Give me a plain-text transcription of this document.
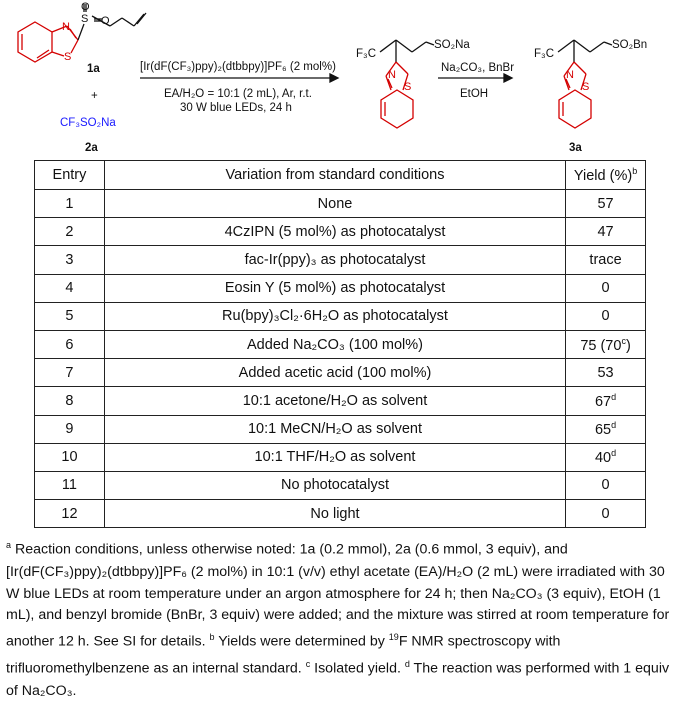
N
S
S
O
O
N
S
N
S
1a
+
CF₃SO₂Na
2a
[Ir(dF(CF₃)ppy)₂(dtbbpy)]PF₆ (2 mol%)
EA/H₂O = 10:1 (2 mL), Ar, r.t.
30 W blue LEDs, 24 h
Na₂CO₃, BnBr
EtOH
F₃C
SO₂Na
F₃C
SO₂Bn
3a
Entry	Variation from standard conditions	Yield (%)$^b$
1	None	57
2	4CzIPN (5 mol%) as photocatalyst	47
3	fac-Ir(ppy)₃ as photocatalyst	trace
4	Eosin Y (5 mol%) as photocatalyst	0
5	Ru(bpy)₃Cl₂·6H₂O as photocatalyst	0
6	Added Na₂CO₃ (100 mol%)	75 (70$^c$)
7	Added acetic acid (100 mol%)	53
8	10:1 acetone/H₂O as solvent	67$^d$
9	10:1 MeCN/H₂O as solvent	65$^d$
10	10:1 THF/H₂O as solvent	40$^d$
11	No photocatalyst	0
12	No light	0

$^a$ Reaction conditions, unless otherwise noted: 1a (0.2 mmol), 2a (0.6 mmol, 3 equiv), and [Ir(dF(CF₃)ppy)₂(dtbbpy)]PF₆ (2 mol%) in 10:1 (v/v) ethyl acetate (EA)/H₂O (2 mL) were irradiated with 30 W blue LEDs at room temperature under an argon atmosphere for 24 h; then Na₂CO₃ (3 equiv), EtOH (1 mL), and benzyl bromide (BnBr, 3 equiv) were added; and the mixture was stirred at room temperature for another 12 h. See SI for details. $^b$ Yields were determined by $^{19}$F NMR spectroscopy with trifluoromethylbenzene as an internal standard. $^c$ Isolated yield. $^d$ The reaction was performed with 1 equiv of Na₂CO₃.
